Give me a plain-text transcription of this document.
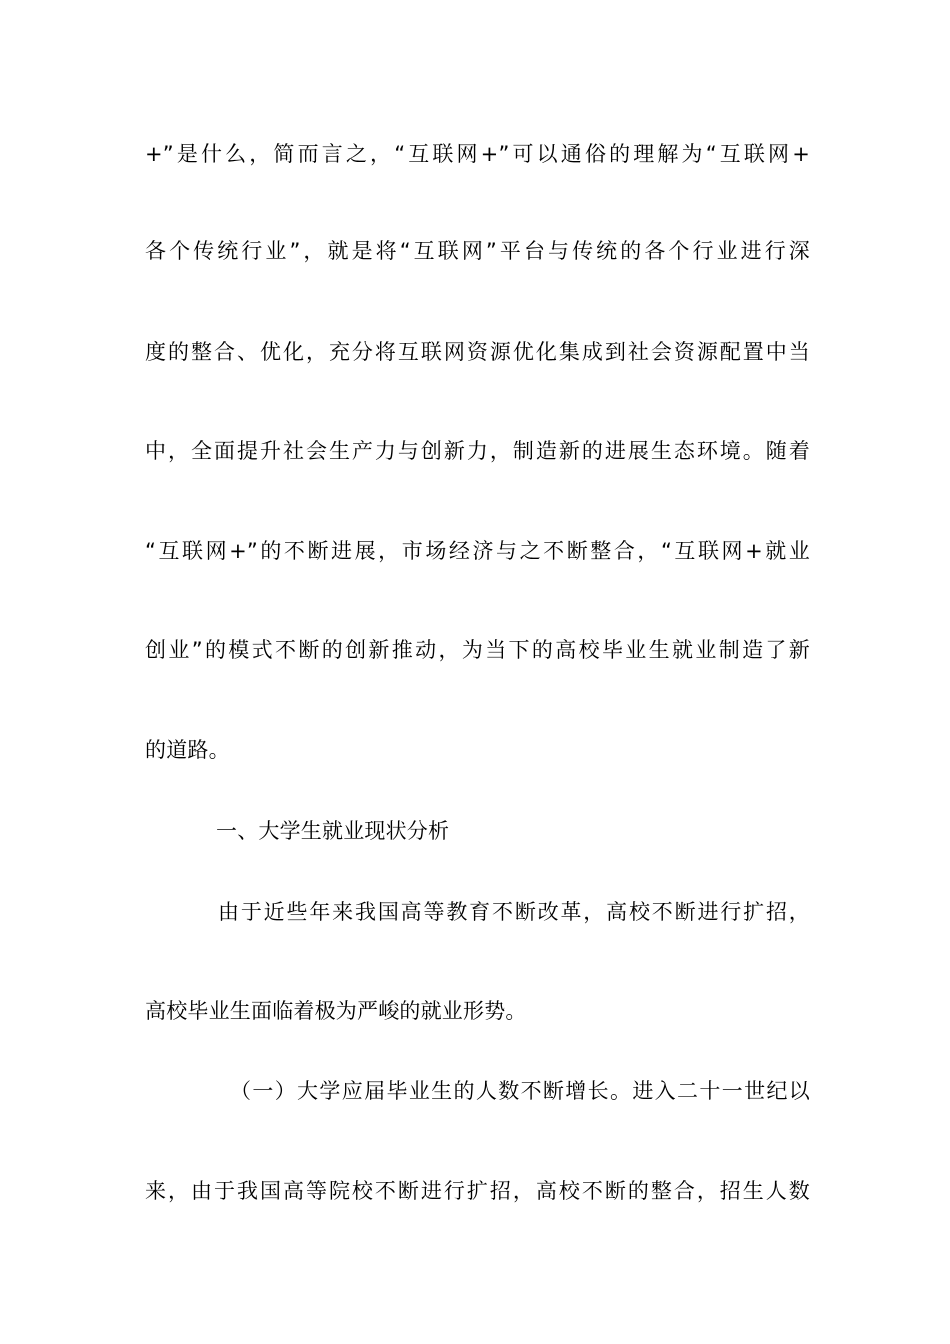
+”是什么，简而言之，“互联网+”可以通俗的理解为“互联网+
各个传统行业”，就是将“互联网”平台与传统的各个行业进行深
度的整合、优化，充分将互联网资源优化集成到社会资源配置中当
中，全面提升社会生产力与创新力，制造新的进展生态环境。随着
“互联网+”的不断进展，市场经济与之不断整合，“互联网+就业
创业”的模式不断的创新推动，为当下的高校毕业生就业制造了新
的道路。
一、大学生就业现状分析
由于近些年来我国高等教育不断改革，高校不断进行扩招，
高校毕业生面临着极为严峻的就业形势。
（一）大学应届毕业生的人数不断增长。进入二十一世纪以
来，由于我国高等院校不断进行扩招，高校不断的整合，招生人数
